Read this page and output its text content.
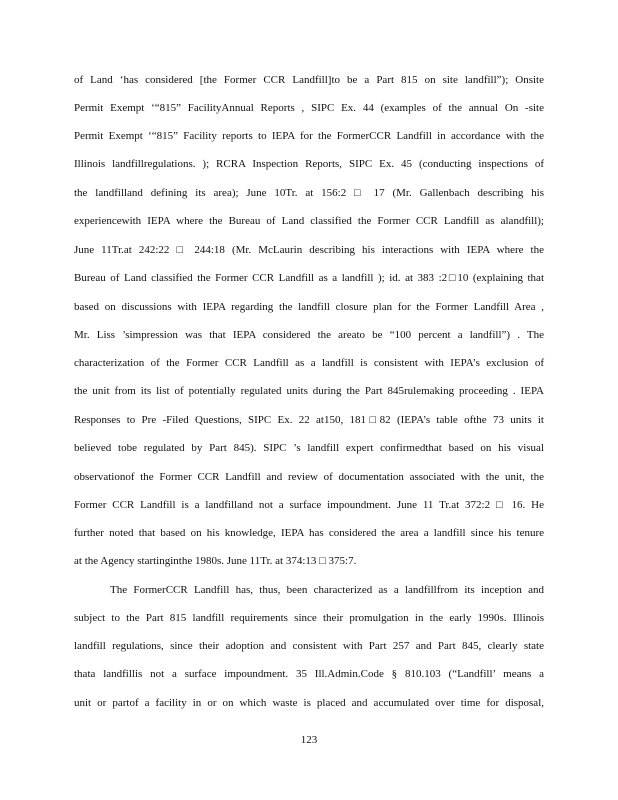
of Land ‘has considered [the Former CCR Landfill]to be a Part 815 on site landfill”); Onsite

Permit Exempt ‘“815” FacilityAnnual Reports , SIPC Ex. 44 (examples of the annual On -site

Permit Exempt ‘“815” Facility reports to IEPA for the FormerCCR Landfill in accordance with the

Illinois landfillregulations. ); RCRA Inspection Reports, SIPC Ex. 45 (conducting inspections of

the landfilland defining its area); June 10Tr. at 156:2 □ 17 (Mr. Gallenbach describing his

experiencewith IEPA where the Bureau of Land classified the Former CCR Landfill as alandfill);

June 11Tr.at 242:22 □ 244:18 (Mr. McLaurin describing his interactions with IEPA where the

Bureau of Land classified the Former CCR Landfill as a landfill ); id. at 383 :2□10 (explaining that

based on discussions with IEPA regarding the landfill closure plan for the Former Landfill Area ,

Mr. Liss ’simpression was that IEPA considered the areato be “100 percent a landfill”) . The

characterization of the Former CCR Landfill as a landfill is consistent with IEPA’s exclusion of

the unit from its list of potentially regulated units during the Part 845rulemaking proceeding . IEPA

Responses to Pre -Filed Questions, SIPC Ex. 22 at150, 181□82 (IEPA’s table ofthe 73 units it

believed tobe regulated by Part 845). SIPC ’s landfill expert confirmedthat based on his visual

observationof the Former CCR Landfill and review of documentation associated with the unit, the

Former CCR Landfill is a landfilland not a surface impoundment. June 11 Tr.at 372:2 □ 16. He

further noted that based on his knowledge, IEPA has considered the area a landfill since his tenure

at the Agency startinginthe 1980s. June 11Tr. at 374:13 □ 375:7.

The FormerCCR Landfill has, thus, been characterized as a landfillfrom its inception and

subject to the Part 815 landfill requirements since their promulgation in the early 1990s. Illinois

landfill regulations, since their adoption and consistent with Part 257 and Part 845, clearly state

thata landfillis not a surface impoundment. 35 Ill.Admin.Code § 810.103 (“Landfill’ means a

unit or partof a facility in or on which waste is placed and accumulated over time for disposal,

123
